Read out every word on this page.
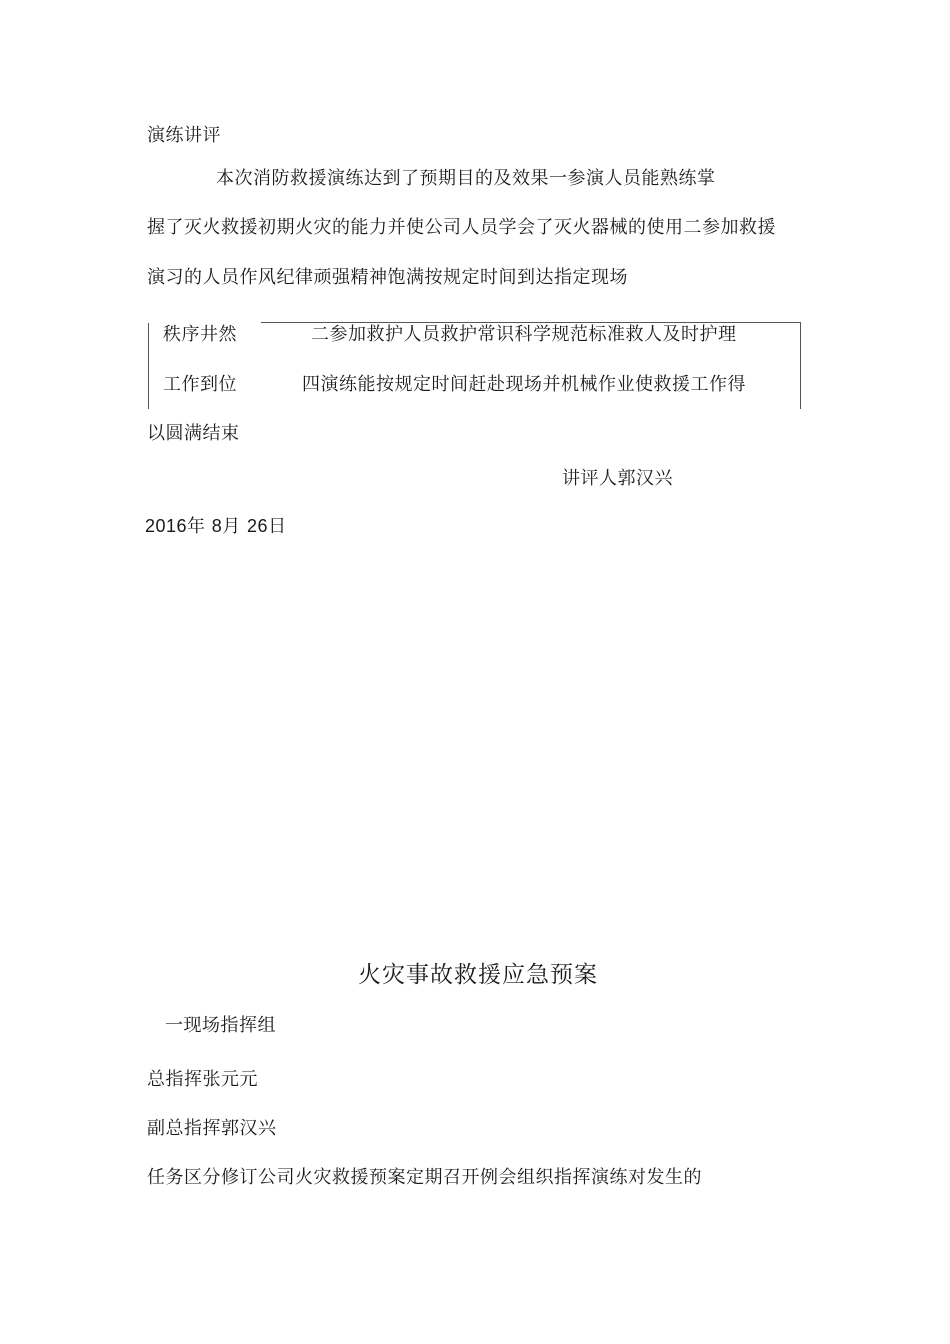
演练讲评
本次消防救援演练达到了预期目的及效果一参演人员能熟练掌
握了灭火救援初期火灾的能力并使公司人员学会了灭火器械的使用二参加救援
演习的人员作风纪律顽强精神饱满按规定时间到达指定现场
秩序井然	二参加救护人员救护常识科学规范标准救人及时护理
工作到位	四演练能按规定时间赶赴现场并机械作业使救援工作得
以圆满结束
讲评人郭汉兴
2016年 8月 26日
火灾事故救援应急预案
一现场指挥组
总指挥张元元
副总指挥郭汉兴
任务区分修订公司火灾救援预案定期召开例会组织指挥演练对发生的
